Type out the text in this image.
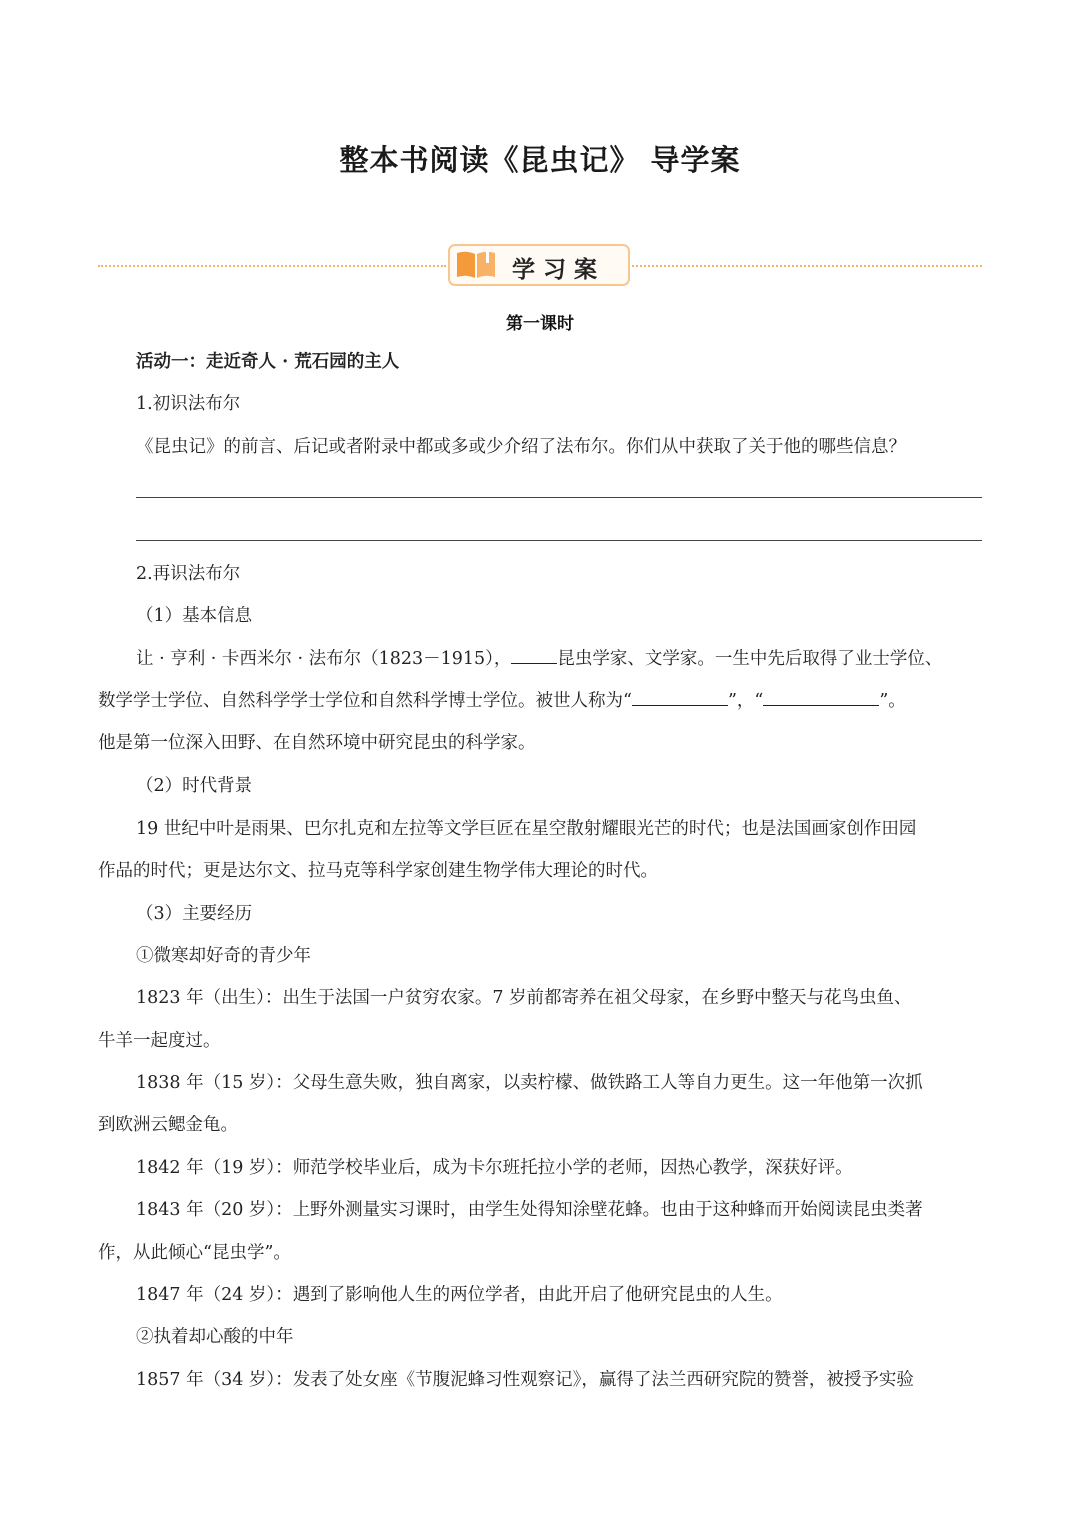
整本书阅读《昆虫记》 导学案
学习案
第一课时
活动一：走近奇人 · 荒石园的主人
1.初识法布尔
《昆虫记》的前言、后记或者附录中都或多或少介绍了法布尔。你们从中获取了关于他的哪些信息？
2.再识法布尔
（1）基本信息
让 · 亨利 · 卡西米尔 · 法布尔（1823－1915），	昆虫学家、文学家。一生中先后取得了业士学位、
数学学士学位、自然科学学士学位和自然科学博士学位。被世人称为“	”，“	”。
他是第一位深入田野、在自然环境中研究昆虫的科学家。
（2）时代背景
19 世纪中叶是雨果、巴尔扎克和左拉等文学巨匠在星空散射耀眼光芒的时代；也是法国画家创作田园
作品的时代；更是达尔文、拉马克等科学家创建生物学伟大理论的时代。
（3）主要经历
①微寒却好奇的青少年
1823 年（出生）：出生于法国一户贫穷农家。7 岁前都寄养在祖父母家，在乡野中整天与花鸟虫鱼、
牛羊一起度过。
1838 年（15 岁）：父母生意失败，独自离家，以卖柠檬、做铁路工人等自力更生。这一年他第一次抓
到欧洲云鳃金龟。
1842 年（19 岁）：师范学校毕业后，成为卡尔班托拉小学的老师，因热心教学，深获好评。
1843 年（20 岁）：上野外测量实习课时，由学生处得知涂壁花蜂。也由于这种蜂而开始阅读昆虫类著
作，从此倾心“昆虫学”。
1847 年（24 岁）：遇到了影响他人生的两位学者，由此开启了他研究昆虫的人生。
②执着却心酸的中年
1857 年（34 岁）：发表了处女座《节腹泥蜂习性观察记》，赢得了法兰西研究院的赞誉，被授予实验
